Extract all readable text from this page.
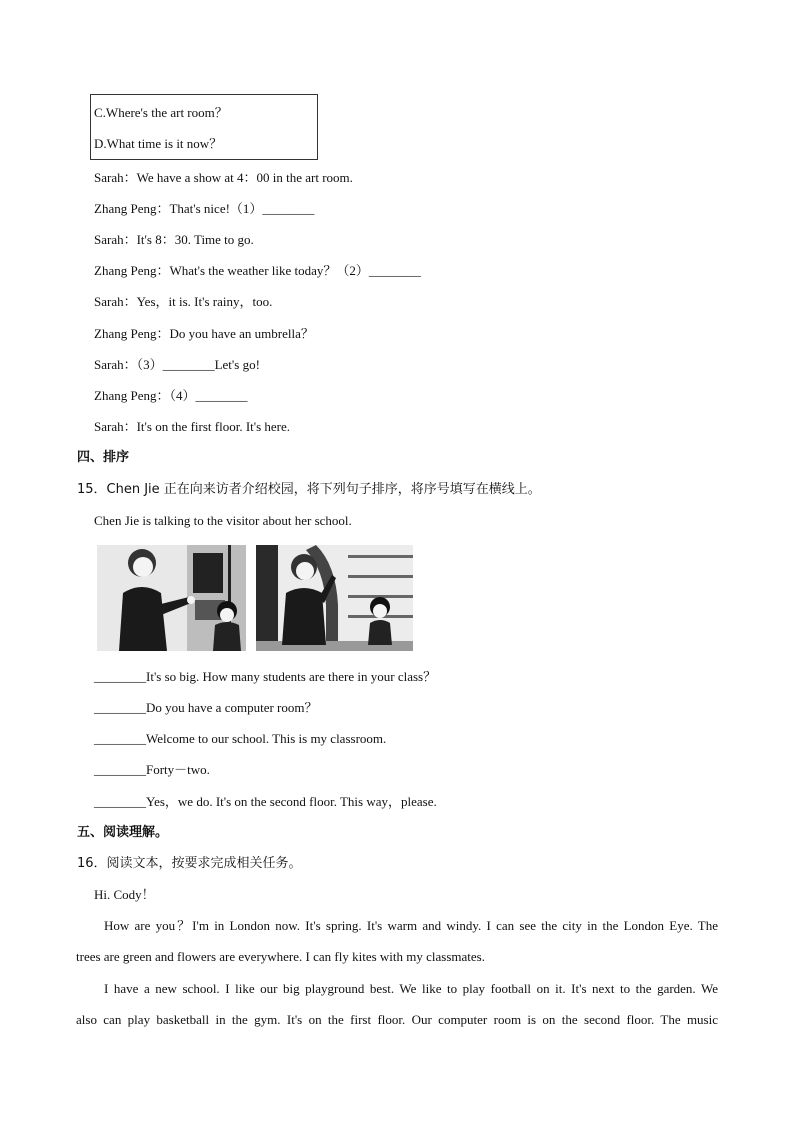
C.Where's the art room？
D.What time is it now？
Sarah：We have a show at 4：00 in the art room.
Zhang Peng：That's nice!（1）________
Sarah：It's 8：30. Time to go.
Zhang Peng：What's the weather like today？（2）________
Sarah：Yes，it is. It's rainy，too.
Zhang Peng：Do you have an umbrella？
Sarah：（3）________Let's go!
Zhang Peng：（4）________
Sarah：It's on the first floor. It's here.
四、排序
15．Chen Jie 正在向来访者介绍校园，将下列句子排序，将序号填写在横线上。
Chen Jie is talking to the visitor about her school.
________It's so big. How many students are there in your class？
________Do you have a computer room？
________Welcome to our school. This is my classroom.
________Forty－two.
________Yes，we do. It's on the second floor. This way，please.
五、阅读理解。
16．阅读文本，按要求完成相关任务。
Hi. Cody！
How are you？I'm in London now. It's spring. It's warm and windy. I can see the city in the London Eye. The
trees are green and flowers are everywhere. I can fly kites with my classmates.
I have a new school. I like our big playground best. We like to play football on it. It's next to the garden. We
also can play basketball in the gym. It's on the first floor. Our computer room is on the second floor. The music
